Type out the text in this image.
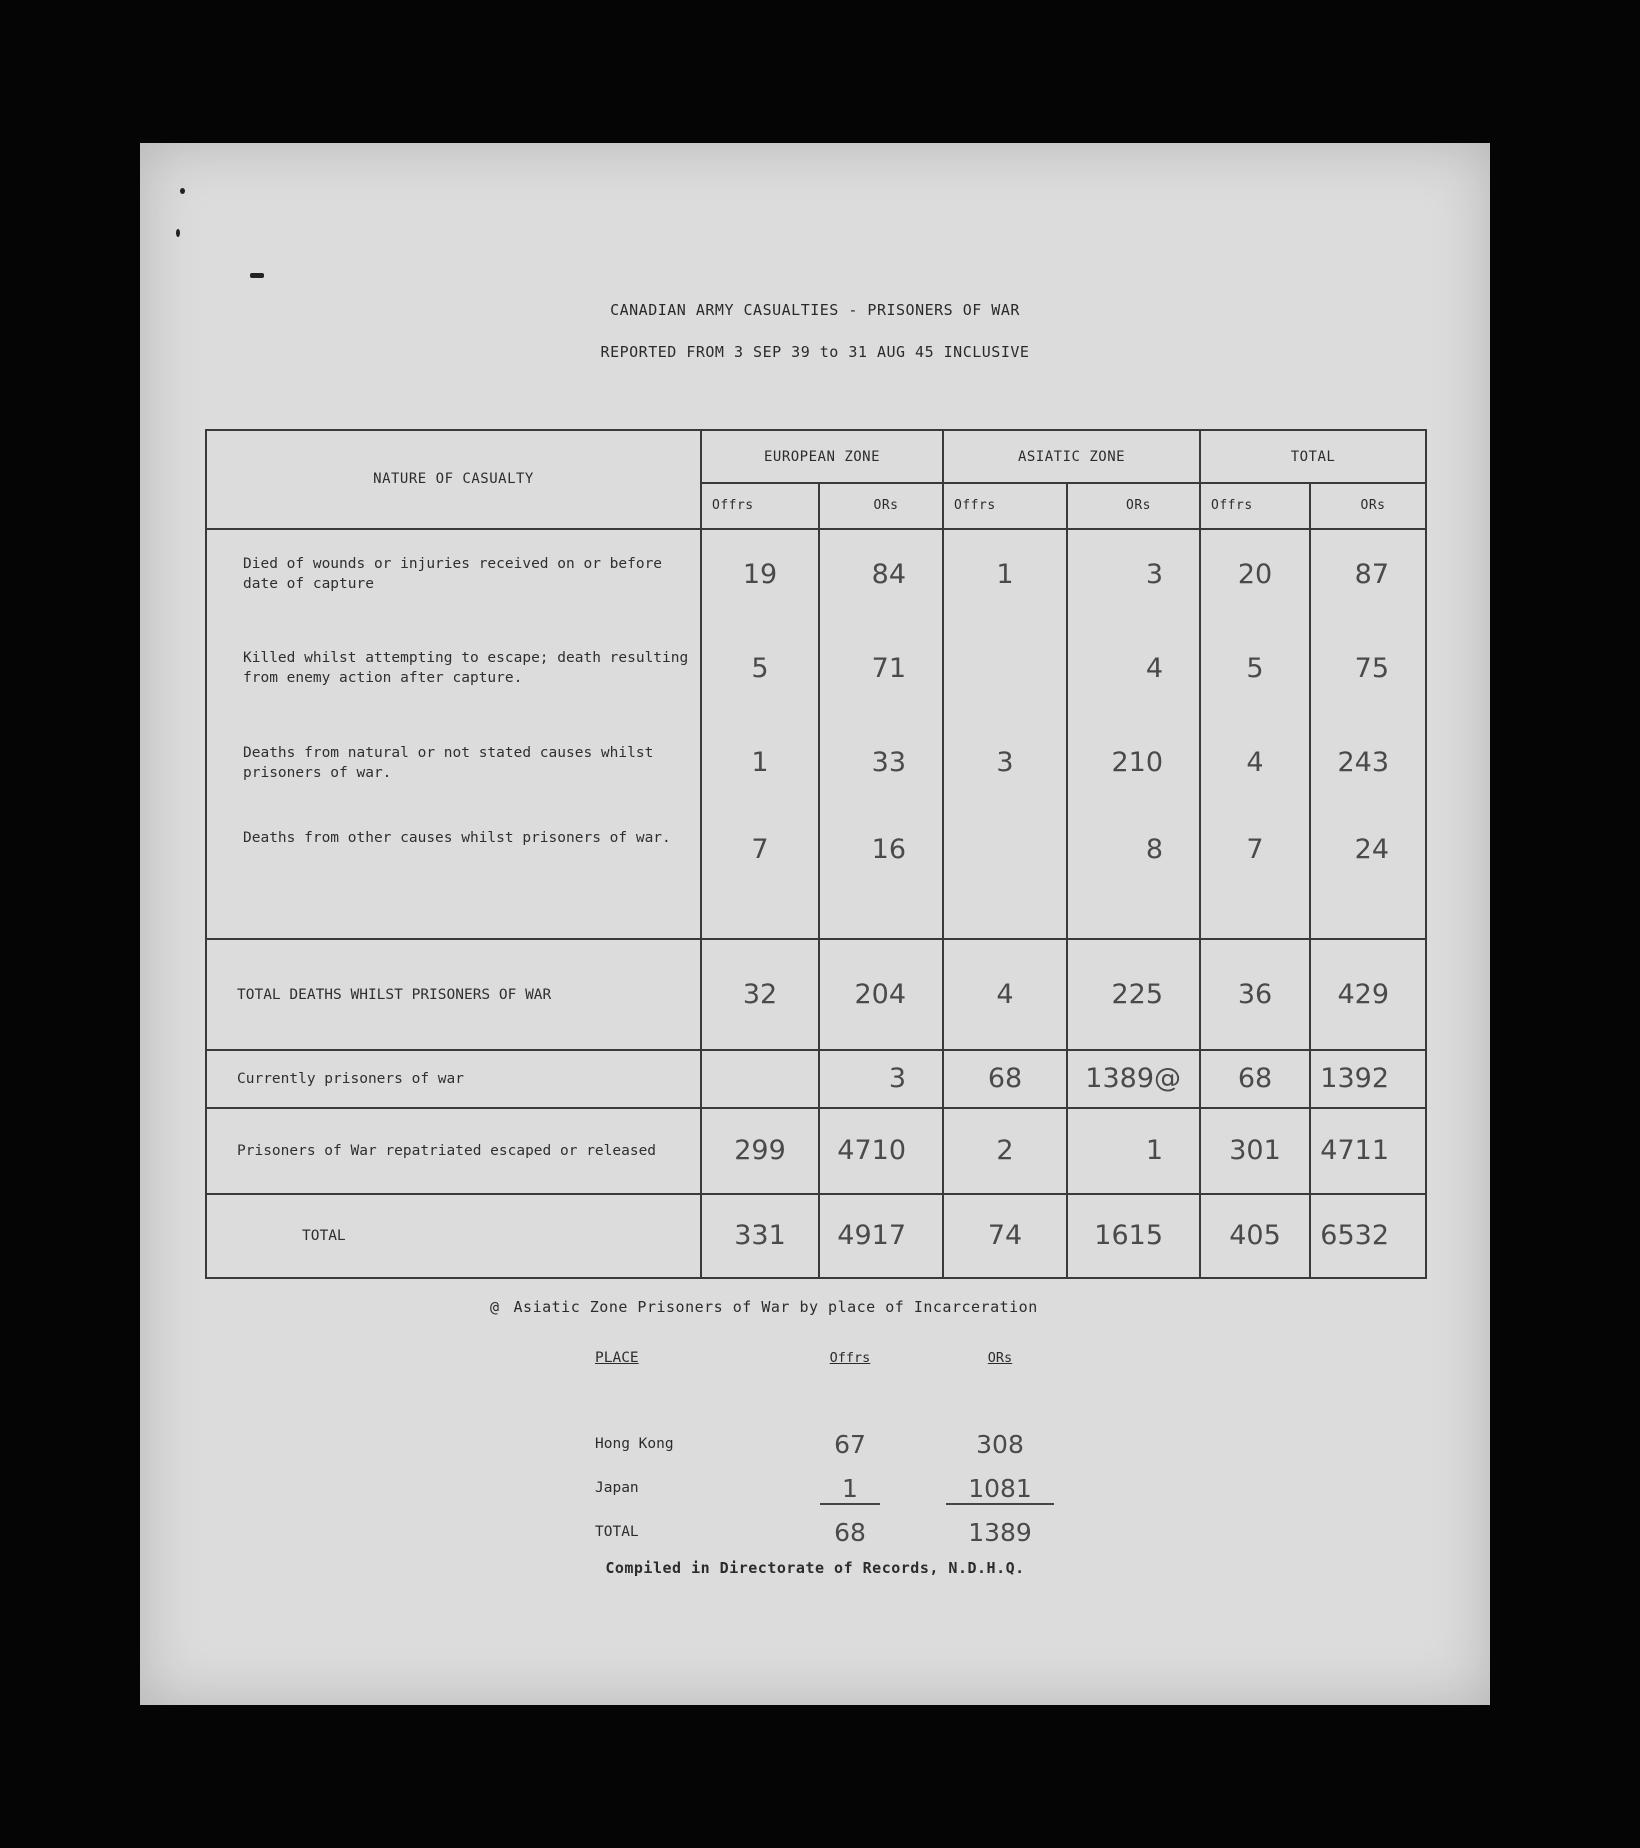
CANADIAN ARMY CASUALTIES - PRISONERS OF WAR
REPORTED FROM 3 SEP 39 to 31 AUG 45 INCLUSIVE
NATURE OF CASUALTY	EUROPEAN ZONE		ASIATIC ZONE		TOTAL	
	Offrs	ORs	Offrs	ORs	Offrs	ORs
Died of wounds or injuries received on or before date of capture	19	84	1	3	20	87
Killed whilst attempting to escape; death resulting from enemy action after capture.	5	71		4	5	75
Deaths from natural or not stated causes whilst prisoners of war.	1	33	3	210	4	243
Deaths from other causes whilst prisoners of war.	7	16		8	7	24
TOTAL DEATHS WHILST PRISONERS OF WAR	32	204	4	225	36	429
Currently prisoners of war		3	68	1389@	68	1392
Prisoners of War repatriated escaped or released	299	4710	2	1	301	4711
TOTAL	331	4917	74	1615	405	6532
@ Asiatic Zone Prisoners of War by place of Incarceration
PLACE	Offrs	ORs

Hong Kong	67	308
Japan	1	1081
TOTAL	68	1389
Compiled in Directorate of Records, N.D.H.Q.
